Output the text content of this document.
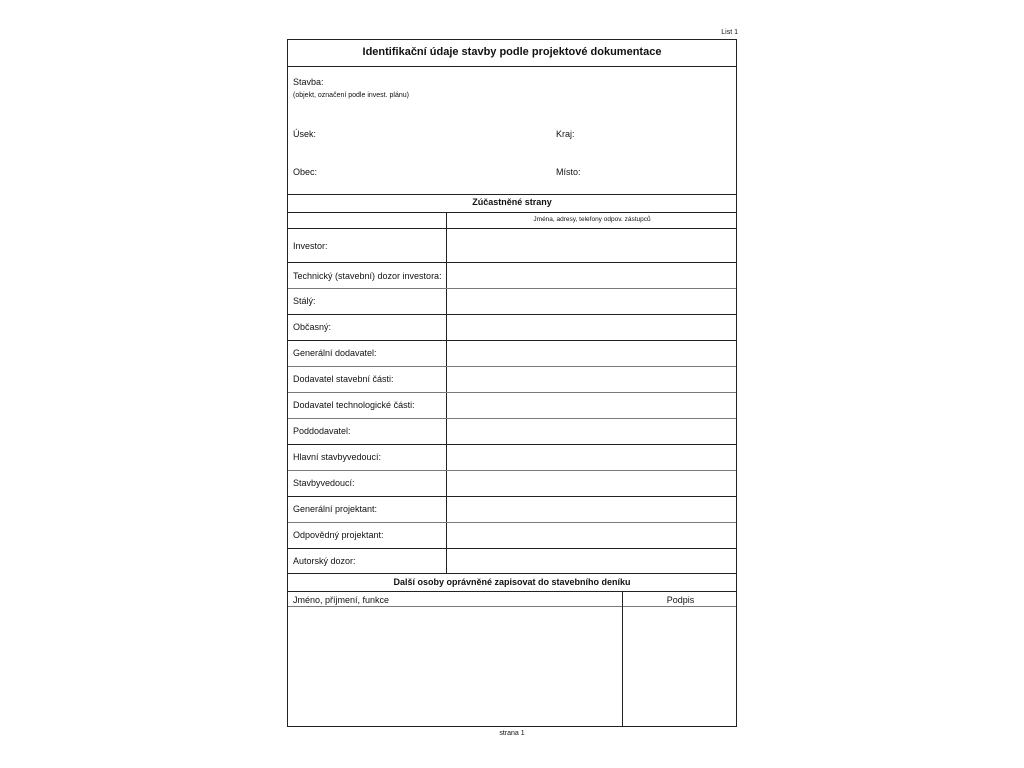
List 1
Identifikační údaje stavby podle projektové dokumentace
Stavba:
(objekt, označení podle invest. plánu)
Úsek:	Kraj:
Obec:	Místo:
Zúčastněné strany
Jména, adresy, telefony odpov. zástupců
Investor:
Technický (stavební) dozor investora:
Stálý:
Občasný:
Generální dodavatel:
Dodavatel stavební části:
Dodavatel technologické části:
Poddodavatel:
Hlavní stavbyvedoucí:
Stavbyvedoucí:
Generální projektant:
Odpovědný projektant:
Autorský dozor:
Další osoby oprávněné zapisovat do stavebního deníku
Jméno, příjmení, funkce	Podpis
strana 1
